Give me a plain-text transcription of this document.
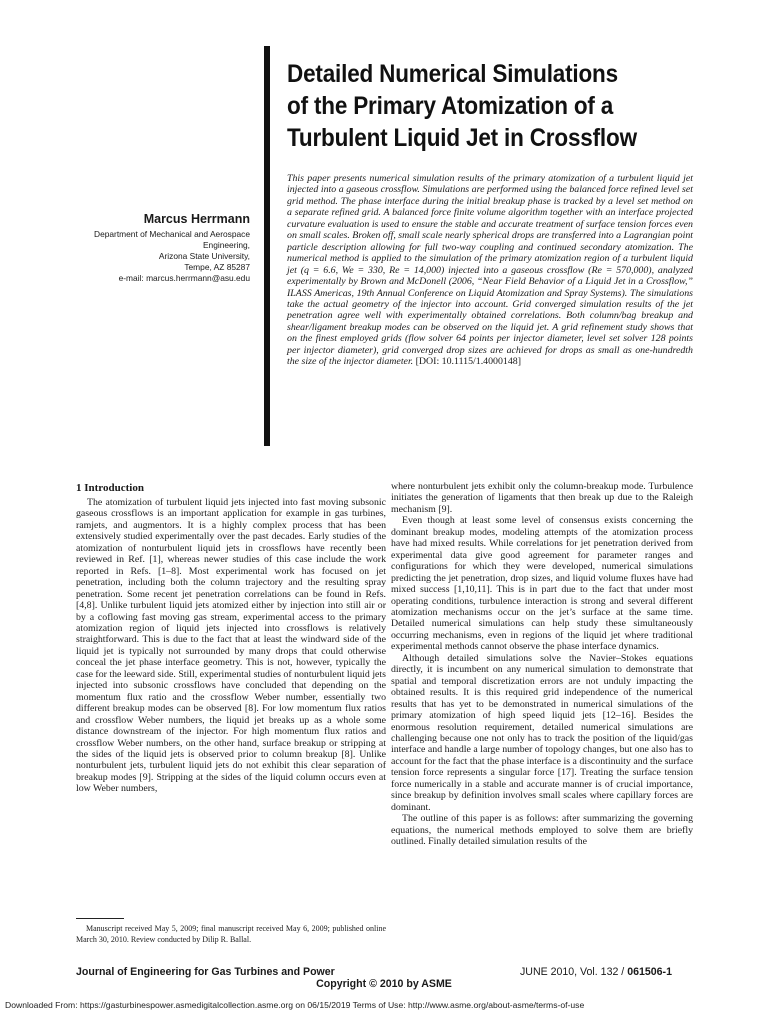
Detailed Numerical Simulations
of the Primary Atomization of a
Turbulent Liquid Jet in Crossflow
Marcus Herrmann
Department of Mechanical and Aerospace
Engineering,
Arizona State University,
Tempe, AZ 85287
e-mail: marcus.herrmann@asu.edu
This paper presents numerical simulation results of the primary atomization of a turbulent liquid jet injected into a gaseous crossflow. Simulations are performed using the balanced force refined level set grid method. The phase interface during the initial breakup phase is tracked by a level set method on a separate refined grid. A balanced force finite volume algorithm together with an interface projected curvature evaluation is used to ensure the stable and accurate treatment of surface tension forces even on small scales. Broken off, small scale nearly spherical drops are transferred into a Lagrangian point particle description allowing for full two-way coupling and continued secondary atomization. The numerical method is applied to the simulation of the primary atomization region of a turbulent liquid jet (q = 6.6, We = 330, Re = 14,000) injected into a gaseous crossflow (Re = 570,000), analyzed experimentally by Brown and McDonell (2006, “Near Field Behavior of a Liquid Jet in a Crossflow,” ILASS Americas, 19th Annual Conference on Liquid Atomization and Spray Systems). The simulations take the actual geometry of the injector into account. Grid converged simulation results of the jet penetration agree well with experimentally obtained correlations. Both column/bag breakup and shear/ligament breakup modes can be observed on the liquid jet. A grid refinement study shows that on the finest employed grids (flow solver 64 points per injector diameter, level set solver 128 points per injector diameter), grid converged drop sizes are achieved for drops as small as one-hundredth the size of the injector diameter. [DOI: 10.1115/1.4000148]
1 Introduction

The atomization of turbulent liquid jets injected into fast moving subsonic gaseous crossflows is an important application for example in gas turbines, ramjets, and augmentors. It is a highly complex process that has been extensively studied experimentally over the past decades. Early studies of the atomization of nonturbulent liquid jets in crossflows have recently been reviewed in Ref. [1], whereas newer studies of this case include the work reported in Refs. [1–8]. Most experimental work has focused on jet penetration, including both the column trajectory and the resulting spray penetration. Some recent jet penetration correlations can be found in Refs. [4,8]. Unlike turbulent liquid jets atomized either by injection into still air or by a coflowing fast moving gas stream, experimental access to the primary atomization region of liquid jets injected into crossflows is relatively straightforward. This is due to the fact that at least the windward side of the liquid jet is typically not surrounded by many drops that could otherwise conceal the jet phase interface geometry. This is not, however, typically the case for the leeward side. Still, experimental studies of nonturbulent liquid jets injected into subsonic crossflows have concluded that depending on the momentum flux ratio and the crossflow Weber number, essentially two different breakup modes can be observed [8]. For low momentum flux ratios and crossflow Weber numbers, the liquid jet breaks up as a whole some distance downstream of the injector. For high momentum flux ratios and crossflow Weber numbers, on the other hand, surface breakup or stripping at the sides of the liquid jets is observed prior to column breakup [8]. Unlike nonturbulent jets, turbulent liquid jets do not exhibit this clear separation of breakup modes [9]. Stripping at the sides of the liquid column occurs even at low Weber numbers,

where nonturbulent jets exhibit only the column-breakup mode. Turbulence initiates the generation of ligaments that then break up due to the Raleigh mechanism [9].

Even though at least some level of consensus exists concerning the dominant breakup modes, modeling attempts of the atomization process have had mixed results. While correlations for jet penetration derived from experimental data give good agreement for parameter ranges and configurations for which they were developed, numerical simulations predicting the jet penetration, drop sizes, and liquid volume fluxes have had mixed success [1,10,11]. This is in part due to the fact that under most operating conditions, turbulence interaction is strong and several different atomization mechanisms occur on the jet’s surface at the same time. Detailed numerical simulations can help study these simultaneously occurring mechanisms, even in regions of the liquid jet where traditional experimental methods cannot observe the phase interface dynamics.

Although detailed simulations solve the Navier–Stokes equations directly, it is incumbent on any numerical simulation to demonstrate that spatial and temporal discretization errors are not unduly impacting the obtained results. It is this required grid independence of the numerical results that has yet to be demonstrated in numerical simulations of the primary atomization of high speed liquid jets [12–16]. Besides the enormous resolution requirement, detailed numerical simulations are challenging because one not only has to track the position of the liquid/gas interface and handle a large number of topology changes, but one also has to account for the fact that the phase interface is a discontinuity and the surface tension force represents a singular force [17]. Treating the surface tension force numerically in a stable and accurate manner is of crucial importance, since breakup by definition involves small scales where capillary forces are dominant.

The outline of this paper is as follows: after summarizing the governing equations, the numerical methods employed to solve them are briefly outlined. Finally detailed simulation results of the

Manuscript received May 5, 2009; final manuscript received May 6, 2009; published online March 30, 2010. Review conducted by Dilip R. Ballal.
Journal of Engineering for Gas Turbines and Power	JUNE 2010, Vol. 132 / 061506-1
Copyright © 2010 by ASME
Downloaded From: https://gasturbinespower.asmedigitalcollection.asme.org on 06/15/2019 Terms of Use: http://www.asme.org/about-asme/terms-of-use
